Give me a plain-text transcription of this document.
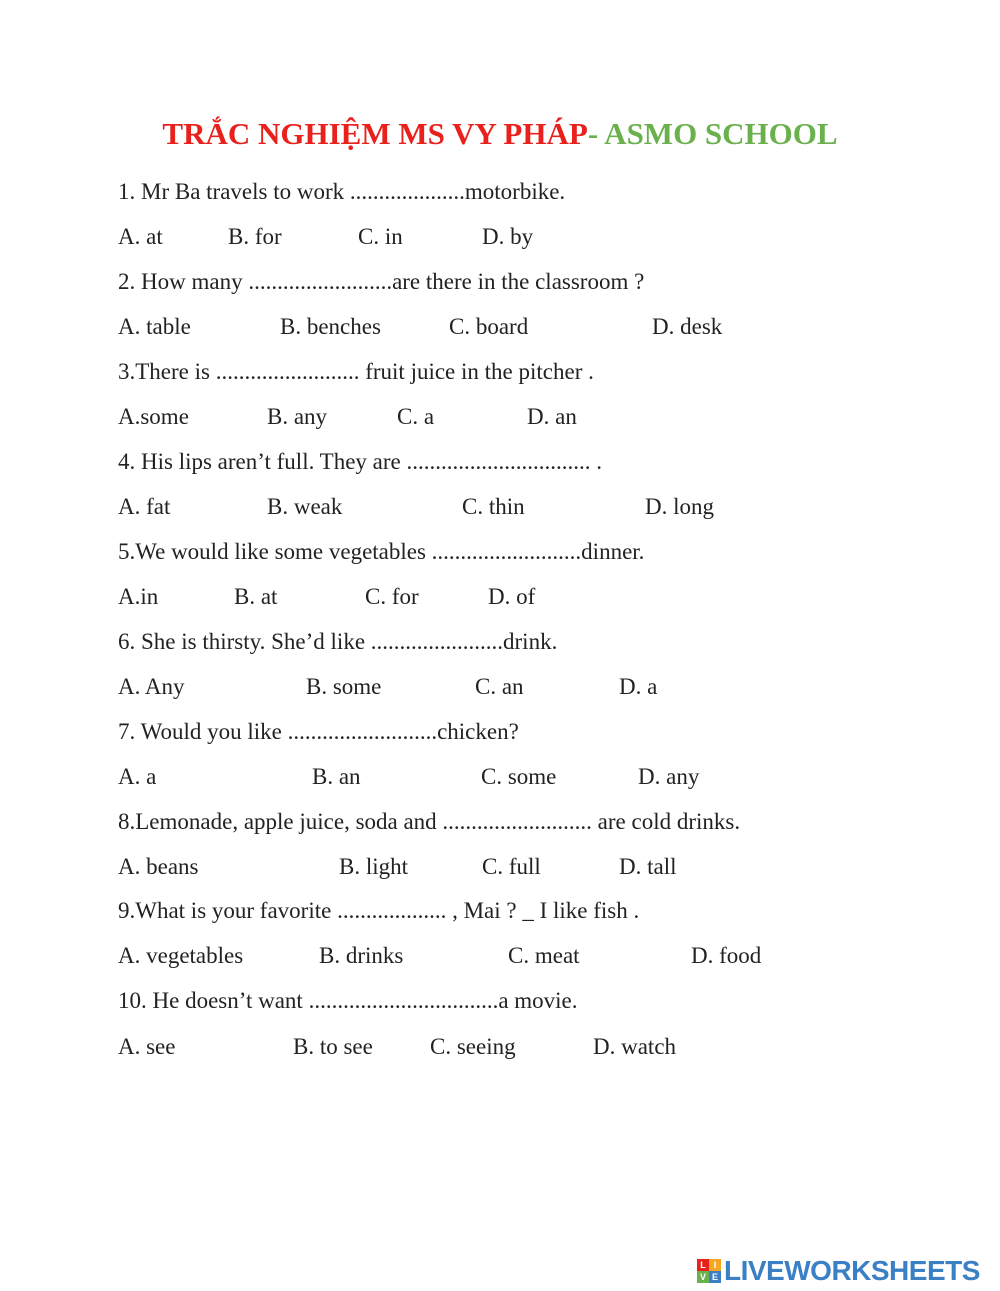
TRẮC NGHIỆM MS VY PHÁP- ASMO SCHOOL
1. Mr Ba travels to work ....................motorbike.
A. at	B. for	C. in	D. by
2. How many .........................are there in the classroom ?
A. table	B. benches	C. board	D. desk
3.There is ......................... fruit juice in the pitcher .
A.some	B. any	C. a	D. an
4. His lips aren’t full. They are ................................ .
A. fat	B. weak	C. thin	D. long
5.We would like some vegetables ..........................dinner.
A.in	B. at	C. for	D. of
6. She is thirsty. She’d like .......................drink.
A. Any	B. some	C. an	D. a
7. Would you like ..........................chicken?
A. a	B. an	C. some	D. any
8.Lemonade, apple juice, soda and .......................... are cold drinks.
A. beans	B. light	C. full	D. tall
9.What is your favorite ................... , Mai ? _ I like fish .
A. vegetables	B. drinks	C. meat	D. food
10. He doesn’t want .................................a movie.
A. see	B. to see C. seeing	D. watch
L I
V E LIVEWORKSHEETS
